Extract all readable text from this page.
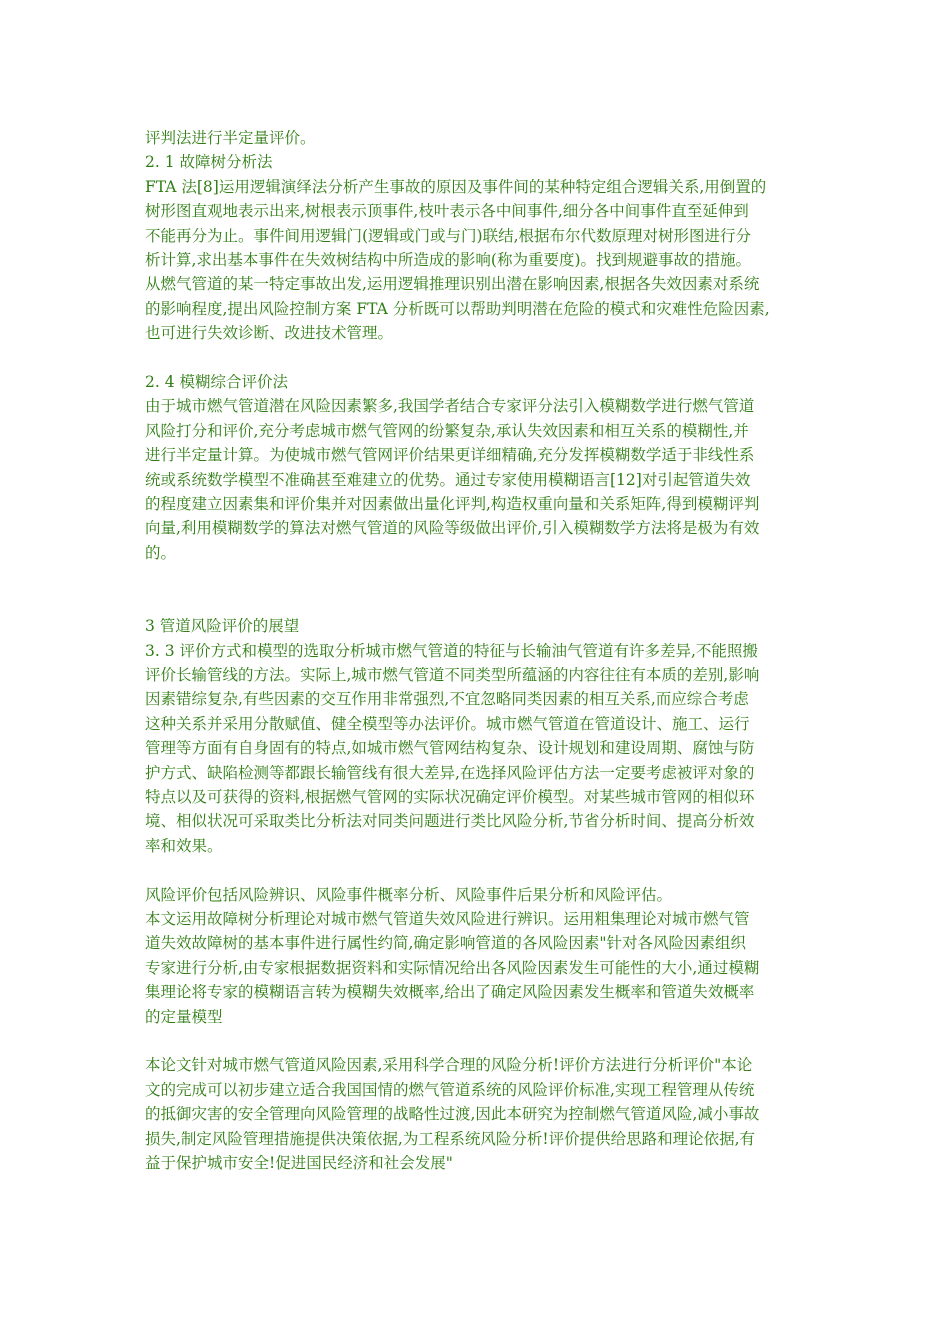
评判法进行半定量评价。
2. 1 故障树分析法
FTA 法[8]运用逻辑演绎法分析产生事故的原因及事件间的某种特定组合逻辑关系,用倒置的
树形图直观地表示出来,树根表示顶事件,枝叶表示各中间事件,细分各中间事件直至延伸到
不能再分为止。事件间用逻辑门(逻辑或门或与门)联结,根据布尔代数原理对树形图进行分
析计算,求出基本事件在失效树结构中所造成的影响(称为重要度)。找到规避事故的措施。
从燃气管道的某一特定事故出发,运用逻辑推理识别出潜在影响因素,根据各失效因素对系统
的影响程度,提出风险控制方案 FTA 分析既可以帮助判明潜在危险的模式和灾难性危险因素,
也可进行失效诊断、改进技术管理。
2. 4 模糊综合评价法
由于城市燃气管道潜在风险因素繁多,我国学者结合专家评分法引入模糊数学进行燃气管道
风险打分和评价,充分考虑城市燃气管网的纷繁复杂,承认失效因素和相互关系的模糊性,并
进行半定量计算。为使城市燃气管网评价结果更详细精确,充分发挥模糊数学适于非线性系
统或系统数学模型不准确甚至难建立的优势。通过专家使用模糊语言[12]对引起管道失效
的程度建立因素集和评价集并对因素做出量化评判,构造权重向量和关系矩阵,得到模糊评判
向量,利用模糊数学的算法对燃气管道的风险等级做出评价,引入模糊数学方法将是极为有效
的。
3 管道风险评价的展望
3. 3 评价方式和模型的选取分析城市燃气管道的特征与长输油气管道有许多差异,不能照搬
评价长输管线的方法。实际上,城市燃气管道不同类型所蕴涵的内容往往有本质的差别,影响
因素错综复杂,有些因素的交互作用非常强烈,不宜忽略同类因素的相互关系,而应综合考虑
这种关系并采用分散赋值、健全模型等办法评价。城市燃气管道在管道设计、施工、运行
管理等方面有自身固有的特点,如城市燃气管网结构复杂、设计规划和建设周期、腐蚀与防
护方式、缺陷检测等都跟长输管线有很大差异,在选择风险评估方法一定要考虑被评对象的
特点以及可获得的资料,根据燃气管网的实际状况确定评价模型。对某些城市管网的相似环
境、相似状况可采取类比分析法对同类问题进行类比风险分析,节省分析时间、提高分析效
率和效果。
风险评价包括风险辨识、风险事件概率分析、风险事件后果分析和风险评估。
本文运用故障树分析理论对城市燃气管道失效风险进行辨识。运用粗集理论对城市燃气管
道失效故障树的基本事件进行属性约简,确定影响管道的各风险因素"针对各风险因素组织
专家进行分析,由专家根据数据资料和实际情况给出各风险因素发生可能性的大小,通过模糊
集理论将专家的模糊语言转为模糊失效概率,给出了确定风险因素发生概率和管道失效概率
的定量模型
本论文针对城市燃气管道风险因素,采用科学合理的风险分析!评价方法进行分析评价"本论
文的完成可以初步建立适合我国国情的燃气管道系统的风险评价标准,实现工程管理从传统
的抵御灾害的安全管理向风险管理的战略性过渡,因此本研究为控制燃气管道风险,减小事故
损失,制定风险管理措施提供决策依据,为工程系统风险分析!评价提供给思路和理论依据,有
益于保护城市安全!促进国民经济和社会发展"
